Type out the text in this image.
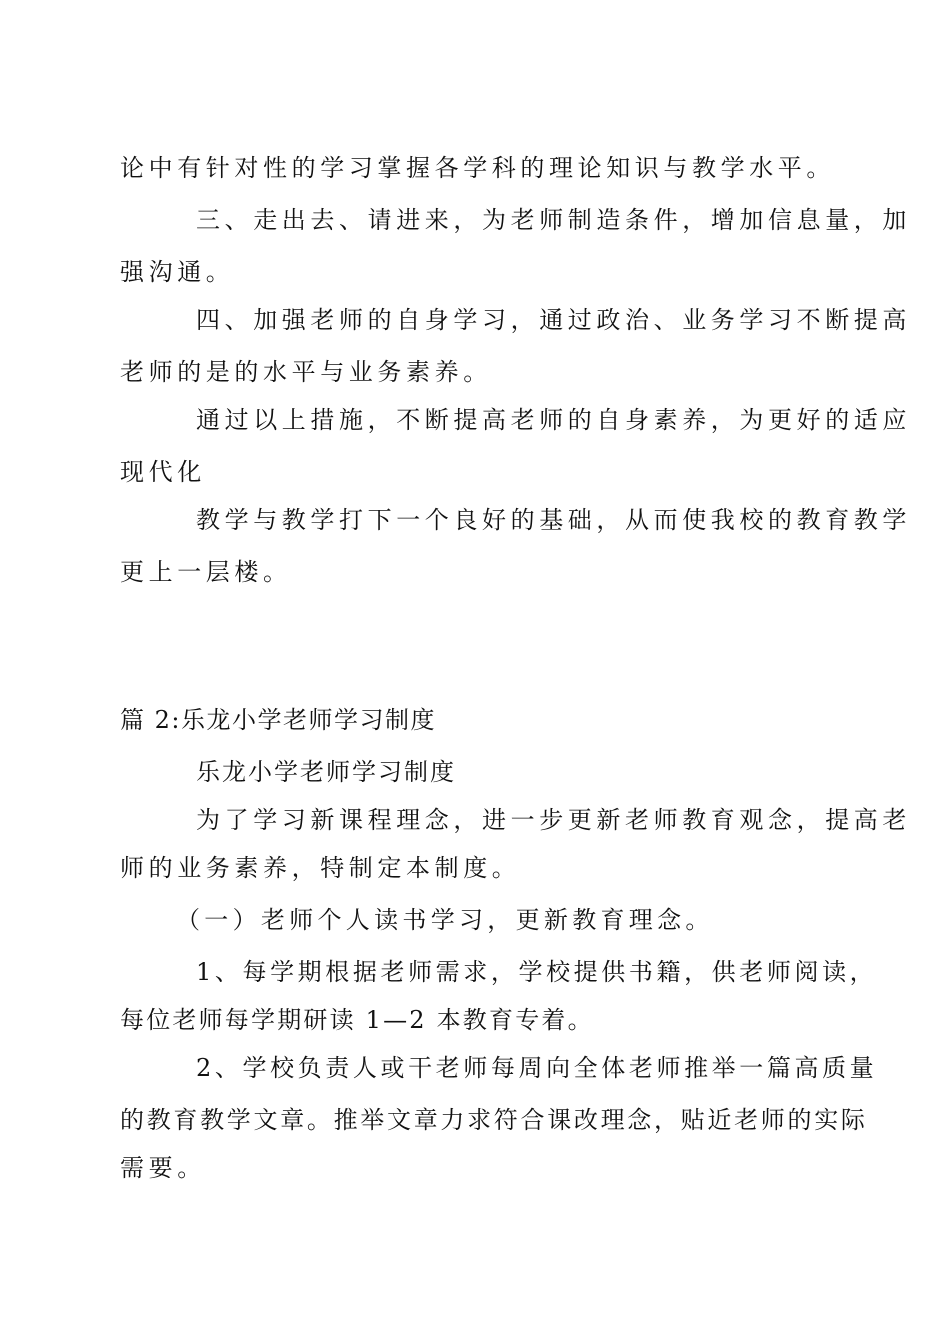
论中有针对性的学习掌握各学科的理论知识与教学水平。
三、走出去、请进来，为老师制造条件，增加信息量，加
强沟通。
四、加强老师的自身学习，通过政治、业务学习不断提高
老师的是的水平与业务素养。
通过以上措施，不断提高老师的自身素养，为更好的适应
现代化
教学与教学打下一个良好的基础，从而使我校的教育教学
更上一层楼。
篇 2:乐龙小学老师学习制度
乐龙小学老师学习制度
为了学习新课程理念，进一步更新老师教育观念，提高老
师的业务素养，特制定本制度。
（一）老师个人读书学习，更新教育理念。
1、每学期根据老师需求，学校提供书籍，供老师阅读，
每位老师每学期研读 1—2 本教育专着。
2、学校负责人或干老师每周向全体老师推举一篇高质量
的教育教学文章。推举文章力求符合课改理念，贴近老师的实际
需要。
